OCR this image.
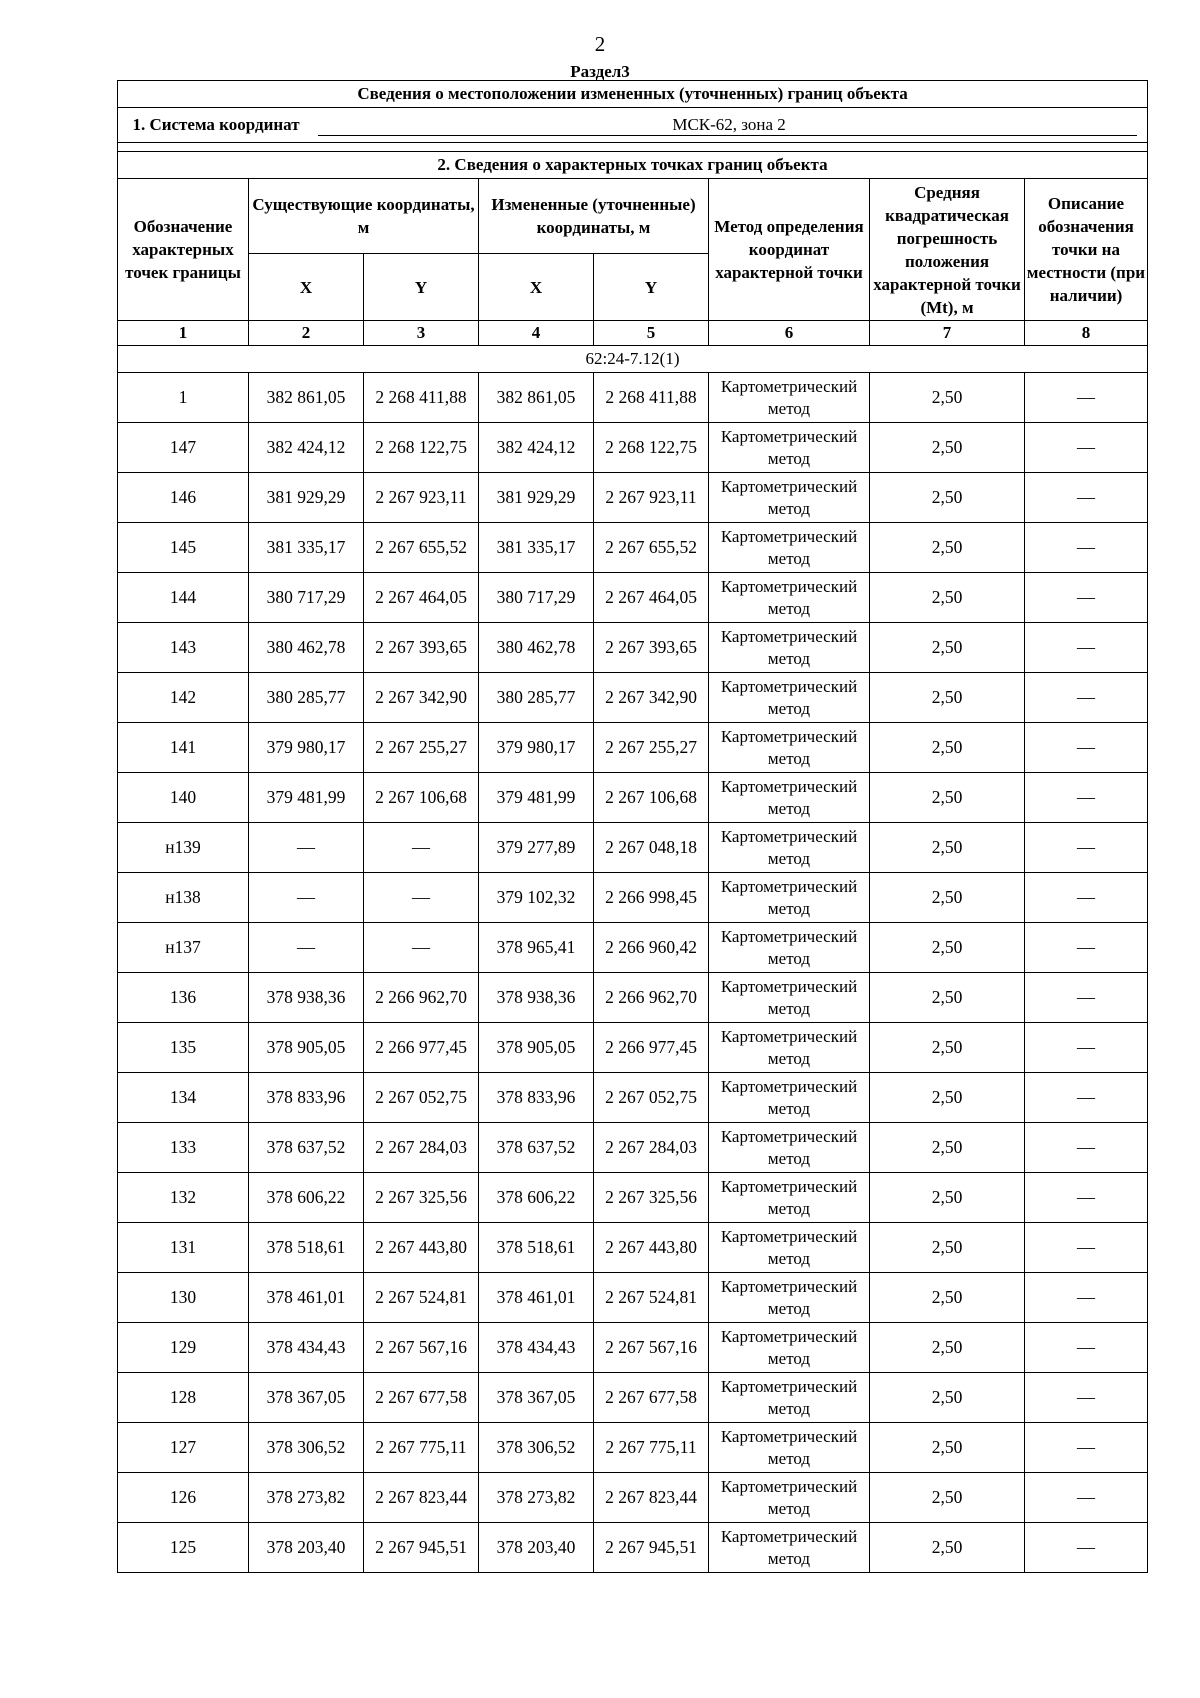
2
Раздел3
Сведения о местоположении измененных (уточненных) границ объекта							
1. Система координат МСК-62, зона 2							

2. Сведения о характерных точках границ объекта							
Обозначение характерных точек границы	Существующие координаты, м		Измененные (уточненные) координаты, м		Метод определения координат характерной точки	Средняя квадратическая погрешность положения характерной точки (Mt), м	Описание обозначения точки на местности (при наличии)
	X	Y	X	Y			
1	2	3	4	5	6	7	8
62:24-7.12(1)							
1	382 861,05	2 268 411,88	382 861,05	2 268 411,88	Картометрический метод	2,50	—
147	382 424,12	2 268 122,75	382 424,12	2 268 122,75	Картометрический метод	2,50	—
146	381 929,29	2 267 923,11	381 929,29	2 267 923,11	Картометрический метод	2,50	—
145	381 335,17	2 267 655,52	381 335,17	2 267 655,52	Картометрический метод	2,50	—
144	380 717,29	2 267 464,05	380 717,29	2 267 464,05	Картометрический метод	2,50	—
143	380 462,78	2 267 393,65	380 462,78	2 267 393,65	Картометрический метод	2,50	—
142	380 285,77	2 267 342,90	380 285,77	2 267 342,90	Картометрический метод	2,50	—
141	379 980,17	2 267 255,27	379 980,17	2 267 255,27	Картометрический метод	2,50	—
140	379 481,99	2 267 106,68	379 481,99	2 267 106,68	Картометрический метод	2,50	—
н139	—	—	379 277,89	2 267 048,18	Картометрический метод	2,50	—
н138	—	—	379 102,32	2 266 998,45	Картометрический метод	2,50	—
н137	—	—	378 965,41	2 266 960,42	Картометрический метод	2,50	—
136	378 938,36	2 266 962,70	378 938,36	2 266 962,70	Картометрический метод	2,50	—
135	378 905,05	2 266 977,45	378 905,05	2 266 977,45	Картометрический метод	2,50	—
134	378 833,96	2 267 052,75	378 833,96	2 267 052,75	Картометрический метод	2,50	—
133	378 637,52	2 267 284,03	378 637,52	2 267 284,03	Картометрический метод	2,50	—
132	378 606,22	2 267 325,56	378 606,22	2 267 325,56	Картометрический метод	2,50	—
131	378 518,61	2 267 443,80	378 518,61	2 267 443,80	Картометрический метод	2,50	—
130	378 461,01	2 267 524,81	378 461,01	2 267 524,81	Картометрический метод	2,50	—
129	378 434,43	2 267 567,16	378 434,43	2 267 567,16	Картометрический метод	2,50	—
128	378 367,05	2 267 677,58	378 367,05	2 267 677,58	Картометрический метод	2,50	—
127	378 306,52	2 267 775,11	378 306,52	2 267 775,11	Картометрический метод	2,50	—
126	378 273,82	2 267 823,44	378 273,82	2 267 823,44	Картометрический метод	2,50	—
125	378 203,40	2 267 945,51	378 203,40	2 267 945,51	Картометрический метод	2,50	—
